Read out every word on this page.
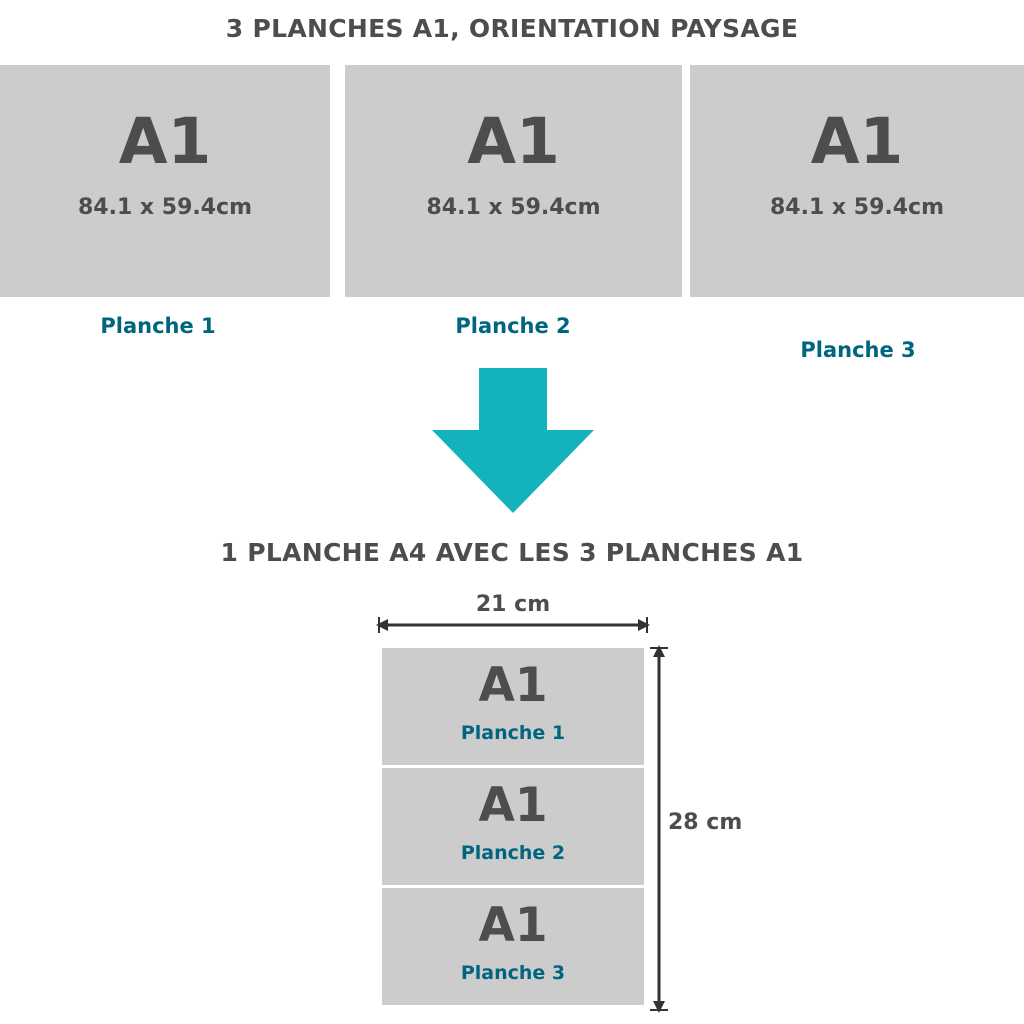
3 PLANCHES A1, ORIENTATION PAYSAGE
A1
84.1 x 59.4cm
A1
84.1 x 59.4cm
A1
84.1 x 59.4cm
Planche 1	Planche 2
Planche 3
1 PLANCHE A4 AVEC LES 3 PLANCHES A1
21 cm
A1
Planche 1
A1
Planche 2
A1
Planche 3
28 cm
